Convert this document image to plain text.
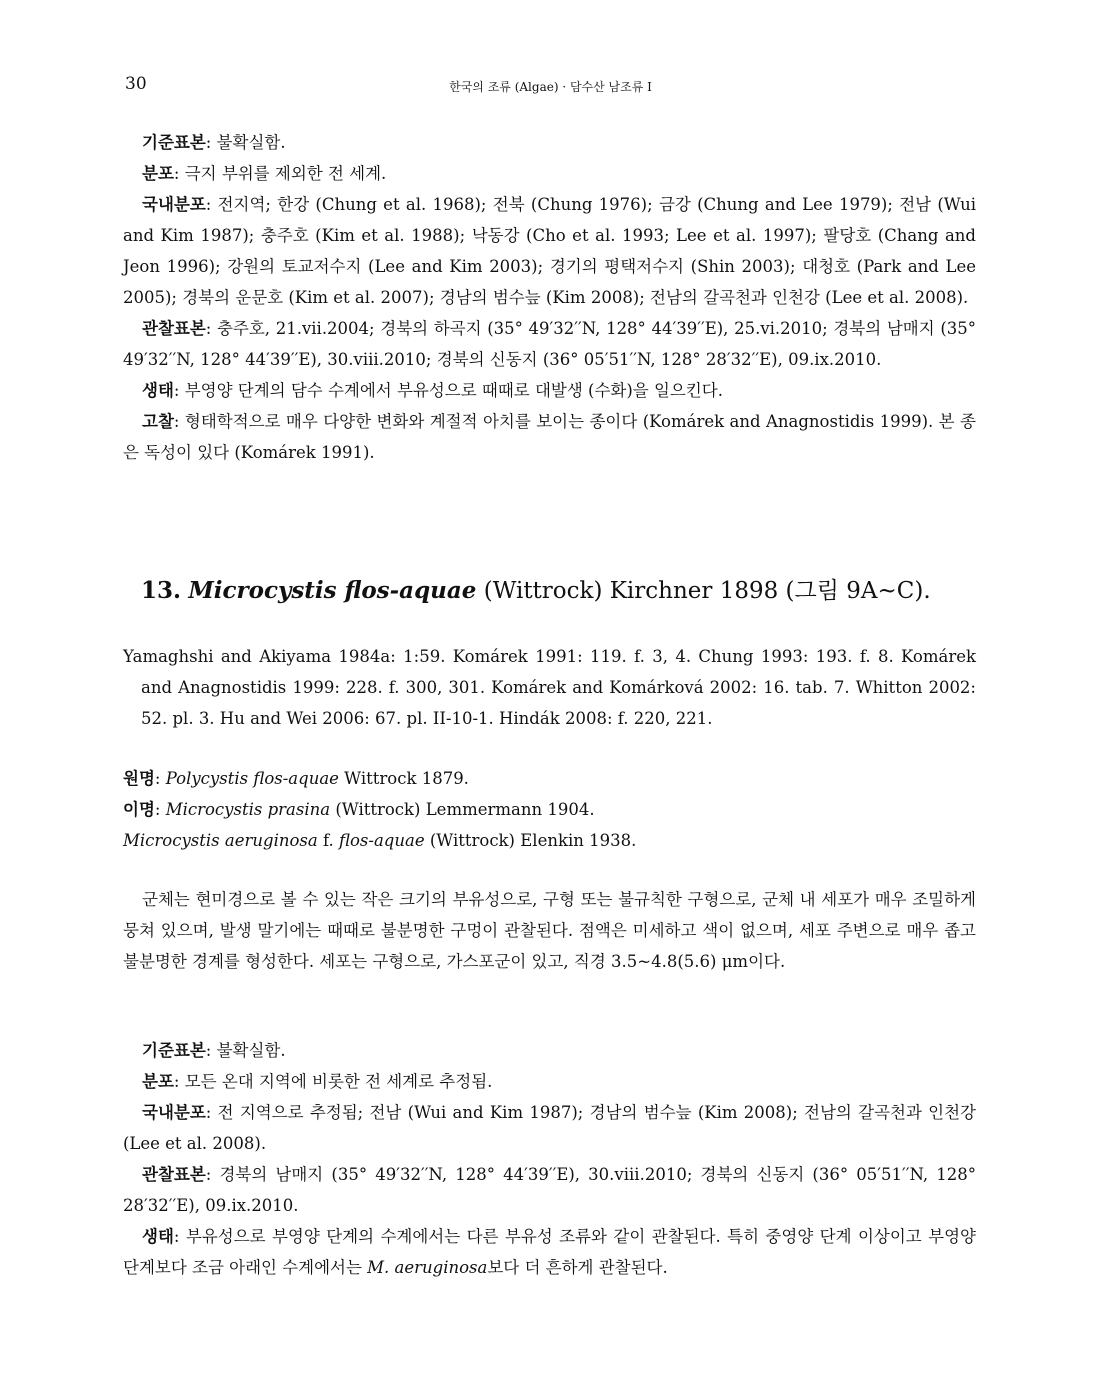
30	한국의 조류 (Algae) · 담수산 남조류 I

기준표본: 불확실함.

분포: 극지 부위를 제외한 전 세계.

국내분포: 전지역; 한강 (Chung et al. 1968); 전북 (Chung 1976); 금강 (Chung and Lee 1979); 전남 (Wui and Kim 1987); 충주호 (Kim et al. 1988); 낙동강 (Cho et al. 1993; Lee et al. 1997); 팔당호 (Chang and Jeon 1996); 강원의 토교저수지 (Lee and Kim 2003); 경기의 평택저수지 (Shin 2003); 대청호 (Park and Lee 2005); 경북의 운문호 (Kim et al. 2007); 경남의 범수늪 (Kim 2008); 전남의 갈곡천과 인천강 (Lee et al. 2008).

관찰표본: 충주호, 21.vii.2004; 경북의 하곡지 (35° 49′32′′N, 128° 44′39′′E), 25.vi.2010; 경북의 남매지 (35° 49′32′′N, 128° 44′39′′E), 30.viii.2010; 경북의 신동지 (36° 05′51′′N, 128° 28′32′′E), 09.ix.2010.

생태: 부영양 단계의 담수 수계에서 부유성으로 때때로 대발생 (수화)을 일으킨다.

고찰: 형태학적으로 매우 다양한 변화와 계절적 아치를 보이는 종이다 (Komárek and Anagnostidis 1999). 본 종은 독성이 있다 (Komárek 1991).

13. Microcystis flos-aquae (Wittrock) Kirchner 1898 (그림 9A~C).

Yamaghshi and Akiyama 1984a: 1:59. Komárek 1991: 119. f. 3, 4. Chung 1993: 193. f. 8. Komárek and Anagnostidis 1999: 228. f. 300, 301. Komárek and Komárková 2002: 16. tab. 7. Whitton 2002: 52. pl. 3. Hu and Wei 2006: 67. pl. II-10-1. Hindák 2008: f. 220, 221.

원명: Polycystis flos-aquae Wittrock 1879.

이명: Microcystis prasina (Wittrock) Lemmermann 1904.

Microcystis aeruginosa f. flos-aquae (Wittrock) Elenkin 1938.

군체는 현미경으로 볼 수 있는 작은 크기의 부유성으로, 구형 또는 불규칙한 구형으로, 군체 내 세포가 매우 조밀하게 뭉쳐 있으며, 발생 말기에는 때때로 불분명한 구멍이 관찰된다. 점액은 미세하고 색이 없으며, 세포 주변으로 매우 좁고 불분명한 경계를 형성한다. 세포는 구형으로, 가스포군이 있고, 직경 3.5~4.8(5.6) μm이다.

기준표본: 불확실함.

분포: 모든 온대 지역에 비롯한 전 세계로 추정됨.

국내분포: 전 지역으로 추정됨; 전남 (Wui and Kim 1987); 경남의 범수늪 (Kim 2008); 전남의 갈곡천과 인천강 (Lee et al. 2008).

관찰표본: 경북의 남매지 (35° 49′32′′N, 128° 44′39′′E), 30.viii.2010; 경북의 신동지 (36° 05′51′′N, 128° 28′32′′E), 09.ix.2010.

생태: 부유성으로 부영양 단계의 수계에서는 다른 부유성 조류와 같이 관찰된다. 특히 중영양 단계 이상이고 부영양 단계보다 조금 아래인 수계에서는 M. aeruginosa보다 더 흔하게 관찰된다.
